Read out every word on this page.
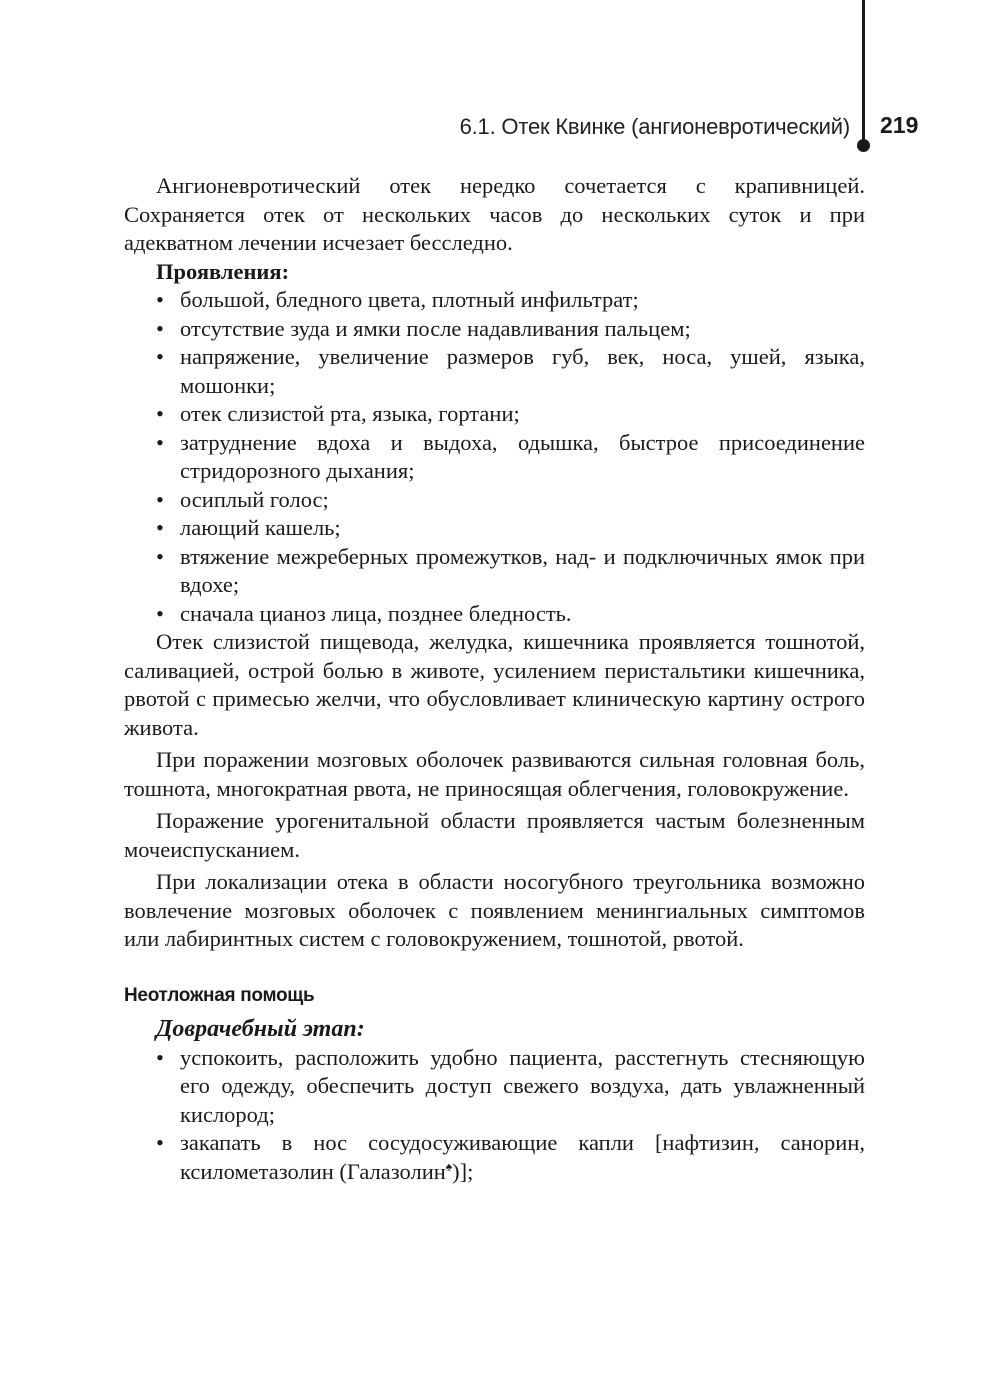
6.1. Отек Квинке (ангионевротический) 219

Ангионевротический отек нередко сочетается с крапивницей. Сохраняется отек от нескольких часов до нескольких суток и при адекватном лечении исчезает бесследно.

Проявления:
• большой, бледного цвета, плотный инфильтрат;
• отсутствие зуда и ямки после надавливания пальцем;
• напряжение, увеличение размеров губ, век, носа, ушей, языка, мошонки;
• отек слизистой рта, языка, гортани;
• затруднение вдоха и выдоха, одышка, быстрое присоединение стридорозного дыхания;
• осиплый голос;
• лающий кашель;
• втяжение межреберных промежутков, над- и подключичных ямок при вдохе;
• сначала цианоз лица, позднее бледность.

Отек слизистой пищевода, желудка, кишечника проявляется тошнотой, саливацией, острой болью в животе, усилением перистальтики кишечника, рвотой с примесью желчи, что обусловливает клиническую картину острого живота.

При поражении мозговых оболочек развиваются сильная головная боль, тошнота, многократная рвота, не приносящая облегчения, головокружение.

Поражение урогенитальной области проявляется частым болезненным мочеиспусканием.

При локализации отека в области носогубного треугольника возможно вовлечение мозговых оболочек с появлением менингиальных симптомов или лабиринтных систем с головокружением, тошнотой, рвотой.

Неотложная помощь
Доврачебный этап:
• успокоить, расположить удобно пациента, расстегнуть стесняющую его одежду, обеспечить доступ свежего воздуха, дать увлажненный кислород;
• закапать в нос сосудосуживающие капли [нафтизин, санорин, ксилометазолин (Галазолин♠)];
